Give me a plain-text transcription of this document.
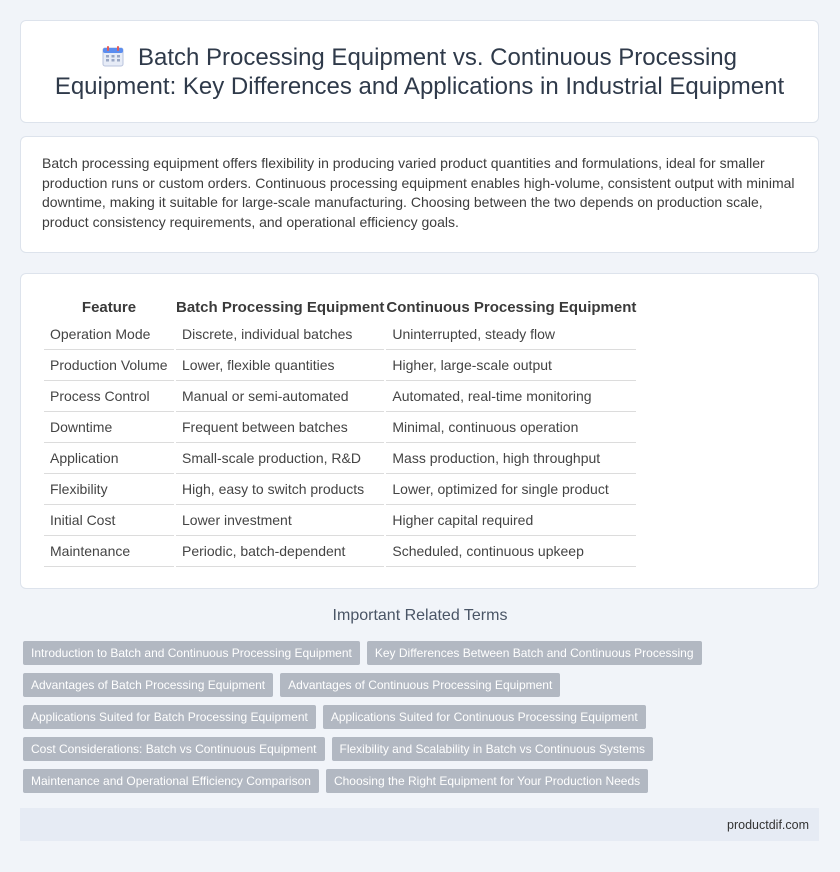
Batch Processing Equipment vs. Continuous Processing Equipment: Key Differences and Applications in Industrial Equipment

Batch processing equipment offers flexibility in producing varied product quantities and formulations, ideal for smaller production runs or custom orders. Continuous processing equipment enables high-volume, consistent output with minimal downtime, making it suitable for large-scale manufacturing. Choosing between the two depends on production scale, product consistency requirements, and operational efficiency goals.

Feature	Batch Processing Equipment	Continuous Processing Equipment
Operation Mode	Discrete, individual batches	Uninterrupted, steady flow
Production Volume	Lower, flexible quantities	Higher, large-scale output
Process Control	Manual or semi-automated	Automated, real-time monitoring
Downtime	Frequent between batches	Minimal, continuous operation
Application	Small-scale production, R&D	Mass production, high throughput
Flexibility	High, easy to switch products	Lower, optimized for single product
Initial Cost	Lower investment	Higher capital required
Maintenance	Periodic, batch-dependent	Scheduled, continuous upkeep
Important Related Terms
Introduction to Batch and Continuous Processing Equipment	Key Differences Between Batch and Continuous Processing
Advantages of Batch Processing Equipment	Advantages of Continuous Processing Equipment
Applications Suited for Batch Processing Equipment	Applications Suited for Continuous Processing Equipment
Cost Considerations: Batch vs Continuous Equipment	Flexibility and Scalability in Batch vs Continuous Systems
Maintenance and Operational Efficiency Comparison	Choosing the Right Equipment for Your Production Needs
productdif.com
